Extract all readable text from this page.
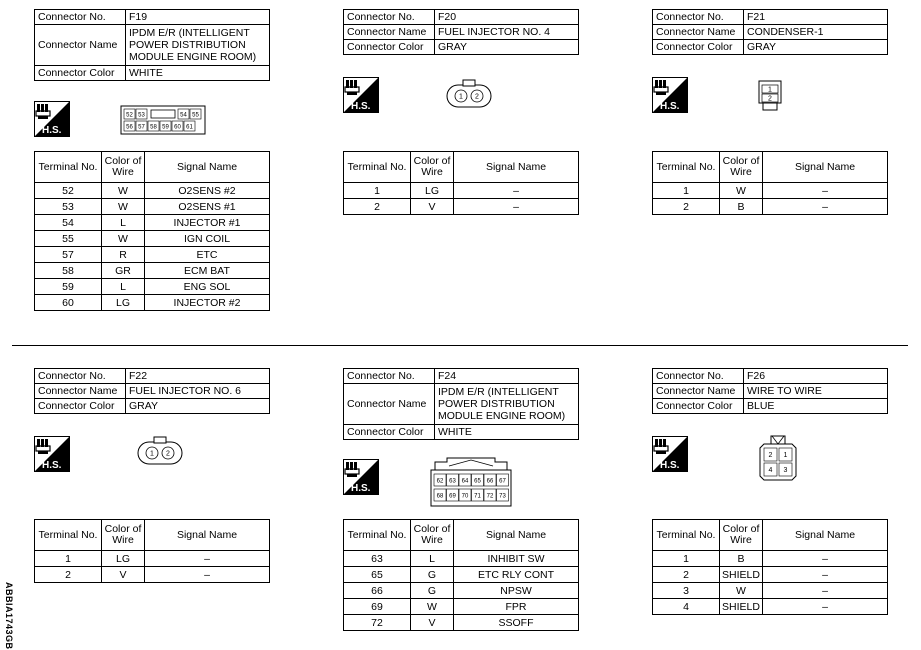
Connector No.	F19
Connector Name	IPDM E/R (INTELLIGENT POWER DISTRIBUTION MODULE ENGINE ROOM)
Connector Color	WHITE
H.S.
52 53	54 55
56 57 58 59 60 61
Terminal No.	Color of Wire	Signal Name
52	W	O2SENS #2
53	W	O2SENS #1
54	L	INJECTOR #1
55	W	IGN COIL
57	R	ETC
58	GR	ECM BAT
59	L	ENG SOL
60	LG	INJECTOR #2
Connector No.	F20
Connector Name	FUEL INJECTOR NO. 4
Connector Color	GRAY
H.S.
1 2
Terminal No.	Color of Wire	Signal Name
1	LG	–
2	V	–
Connector No.	F21
Connector Name	CONDENSER-1
Connector Color	GRAY
H.S.
1
2
Terminal No.	Color of Wire	Signal Name
1	W	–
2	B	–
Connector No.	F22
Connector Name	FUEL INJECTOR NO. 6
Connector Color	GRAY
H.S.
1 2
Terminal No.	Color of Wire	Signal Name
1	LG	–
2	V	–
Connector No.	F24
Connector Name	IPDM E/R (INTELLIGENT POWER DISTRIBUTION MODULE ENGINE ROOM)
Connector Color	WHITE
H.S.
62 63 64 65 66 67
68 69 70 71 72 73
Terminal No.	Color of Wire	Signal Name
63	L	INHIBIT SW
65	G	ETC RLY CONT
66	G	NPSW
69	W	FPR
72	V	SSOFF
Connector No.	F26
Connector Name	WIRE TO WIRE
Connector Color	BLUE
H.S.
2 1
4 3
Terminal No.	Color of Wire	Signal Name
1	B	–
2	SHIELD	–
3	W	–
4	SHIELD	–
ABBIA1743GB
